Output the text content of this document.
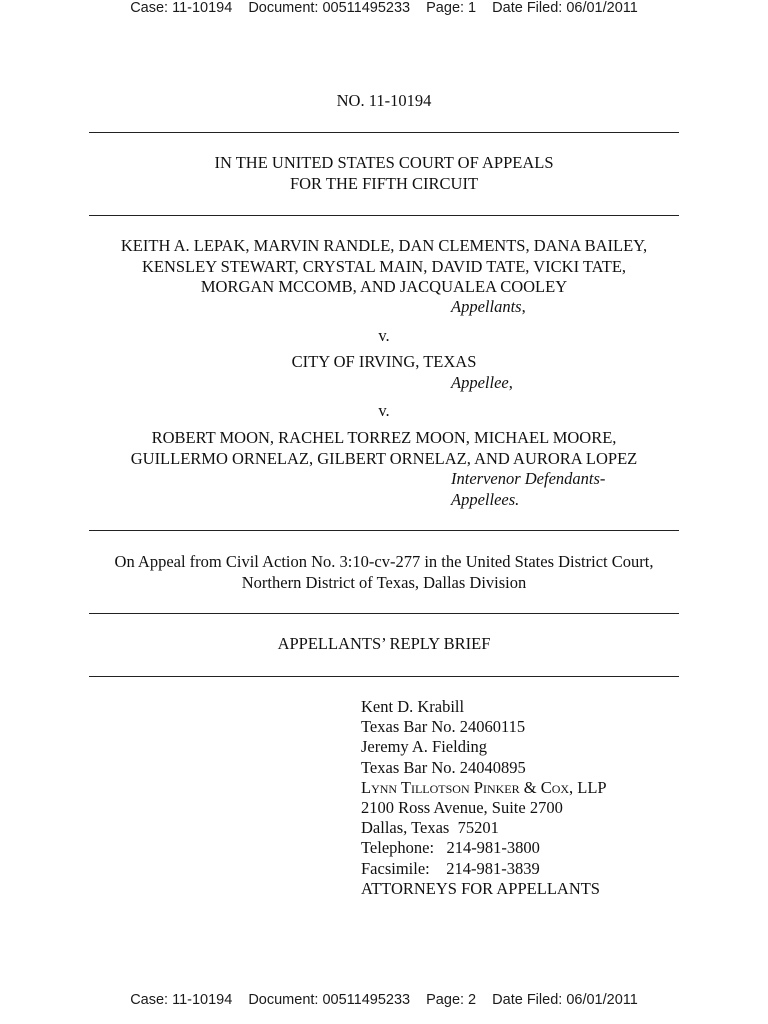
Case: 11-10194 Document: 00511495233 Page: 1 Date Filed: 06/01/2011
NO. 11-10194
IN THE UNITED STATES COURT OF APPEALS
FOR THE FIFTH CIRCUIT
KEITH A. LEPAK, MARVIN RANDLE, DAN CLEMENTS, DANA BAILEY,
KENSLEY STEWART, CRYSTAL MAIN, DAVID TATE, VICKI TATE,
MORGAN MCCOMB, AND JACQUALEA COOLEY
Appellants,
v.
CITY OF IRVING, TEXAS
Appellee,
v.
ROBERT MOON, RACHEL TORREZ MOON, MICHAEL MOORE,
GUILLERMO ORNELAZ, GILBERT ORNELAZ, AND AURORA LOPEZ
Intervenor Defendants-
Appellees.
On Appeal from Civil Action No. 3:10-cv-277 in the United States District Court,
Northern District of Texas, Dallas Division
APPELLANTS’ REPLY BRIEF
Kent D. Krabill
Texas Bar No. 24060115
Jeremy A. Fielding
Texas Bar No. 24040895
Lynn Tillotson Pinker & Cox, LLP
2100 Ross Avenue, Suite 2700
Dallas, Texas  75201
Telephone:   214-981-3800
Facsimile:    214-981-3839
ATTORNEYS FOR APPELLANTS
Case: 11-10194 Document: 00511495233 Page: 2 Date Filed: 06/01/2011
